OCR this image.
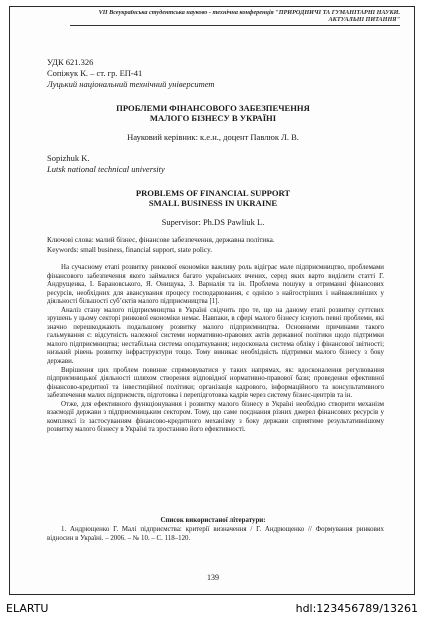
VII Всеукраїнська студентська науково - технічна конференція "ПРИРОДНИЧІ ТА ГУМАНІТАРНІ НАУКИ.
АКТУАЛЬНІ ПИТАННЯ"
УДК 621.326
Сопіжук К. – ст. гр. ЕП-41
Луцький національний технічний університет
ПРОБЛЕМИ ФІНАНСОВОГО ЗАБЕЗПЕЧЕННЯ
МАЛОГО БІЗНЕСУ В УКРАЇНІ
Науковий керівник: к.е.н., доцент Павлюк Л. В.
Sopizhuk K.
Lutsk national technical university
PROBLEMS OF FINANCIAL SUPPORT
SMALL BUSINESS IN UKRAINE
Supervisor: Ph.DS Pawliuk L.
Ключові слова: малий бізнес, фінансове забезпечення, державна політика.
Keywords: small business, financial support, state policy.

На сучасному етапі розвитку ринкової економіки важливу роль відіграє мале підприємництво, проблемами фінансового забезпечення якого займалися багато українських вчених, серед яких варто виділити статті Г. Андрущенка, І. Барановського, Я. Онищука, З. Варналія та ін. Проблема пошуку в отриманні фінансових ресурсів, необхідних для авансування процесу господарювання, є однією з найгостріших і найважливіших у діяльності більшості суб’єктів малого підприємництва [1].

Аналіз стану малого підприємництва в Україні свідчить про те, що на даному етапі розвитку суттєвих зрушень у цьому секторі ринкової економіки немає. Навпаки, в сфері малого бізнесу існують певні проблеми, які значно перешкоджають подальшому розвитку малого підприємництва. Основними причинами такого гальмування є: відсутність належної системи нормативно-правових актів державної політики щодо підтримки малого підприємництва; нестабільна система оподаткування; недосконала система обліку і фінансової звітності; низький рівень розвитку інфраструктури тощо. Тому виникає необхідність підтримки малого бізнесу з боку держави.

Вирішення цих проблем повинне спрямовуватися у таких напрямах, як: вдосконалення регулювання підприємницької діяльності шляхом створення відповідної нормативно-правової бази; проведення ефективної фінансово-кредитної та інвестиційної політики; організація кадрового, інформаційного та консультативного забезпечення малих підприємств, підготовка і перепідготовка кадрів через систему бізнес-центрів та ін.

Отже, для ефективного функціонування і розвитку малого бізнесу в Україні необхідно створити механізм взаємодії держави з підприємницьким сектором. Тому, що саме поєднання різних джерел фінансових ресурсів у комплексі із застосуванням фінансово-кредитного механізму з боку держави сприятиме результативнішому розвитку малого бізнесу в Україні та зростанню його ефективності.

Список використаної літератури:
1. Андрющенко Г. Малі підприємства: критерії визначення / Г. Андрющенко // Формування ринкових відносин в Україні. – 2006. – № 10. – С. 118–120.
139
ELARTU	hdl:123456789/13261
